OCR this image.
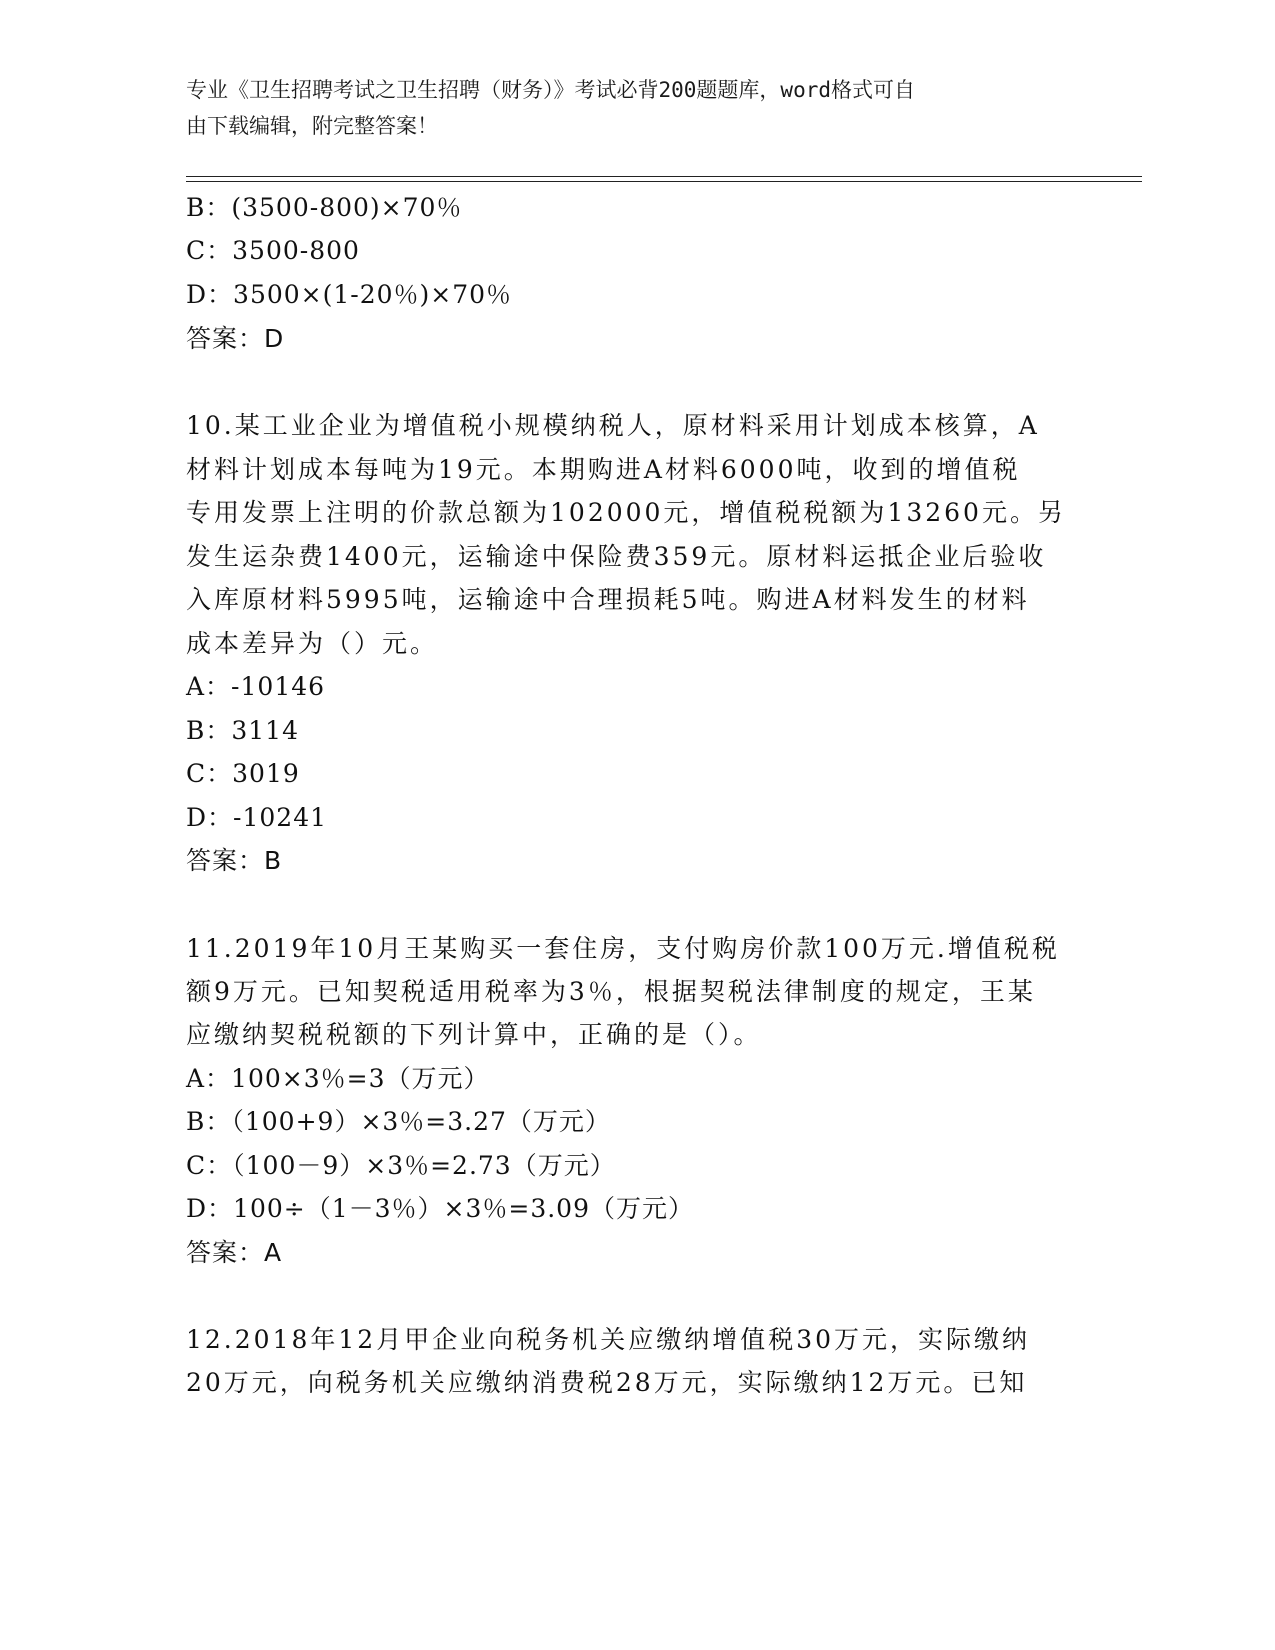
专业《卫生招聘考试之卫生招聘（财务）》考试必背200题题库，word格式可自
由下载编辑，附完整答案！
B：(3500-800)×70％
C：3500-800
D：3500×(1-20％)×70％
答案：D
10.某工业企业为增值税小规模纳税人，原材料采用计划成本核算，A
材料计划成本每吨为19元。本期购进A材料6000吨，收到的增值税
专用发票上注明的价款总额为102000元，增值税税额为13260元。另
发生运杂费1400元，运输途中保险费359元。原材料运抵企业后验收
入库原材料5995吨，运输途中合理损耗5吨。购进A材料发生的材料
成本差异为（）元。
A：-10146
B：3114
C：3019
D：-10241
答案：B
11.2019年10月王某购买一套住房，支付购房价款100万元.增值税税
额9万元。已知契税适用税率为3％，根据契税法律制度的规定，王某
应缴纳契税税额的下列计算中，正确的是（）。
A：100×3％=3（万元）
B：（100+9）×3％=3.27（万元）
C：（100－9）×3％=2.73（万元）
D：100÷（1－3％）×3％=3.09（万元）
答案：A
12.2018年12月甲企业向税务机关应缴纳增值税30万元，实际缴纳
20万元，向税务机关应缴纳消费税28万元，实际缴纳12万元。已知
